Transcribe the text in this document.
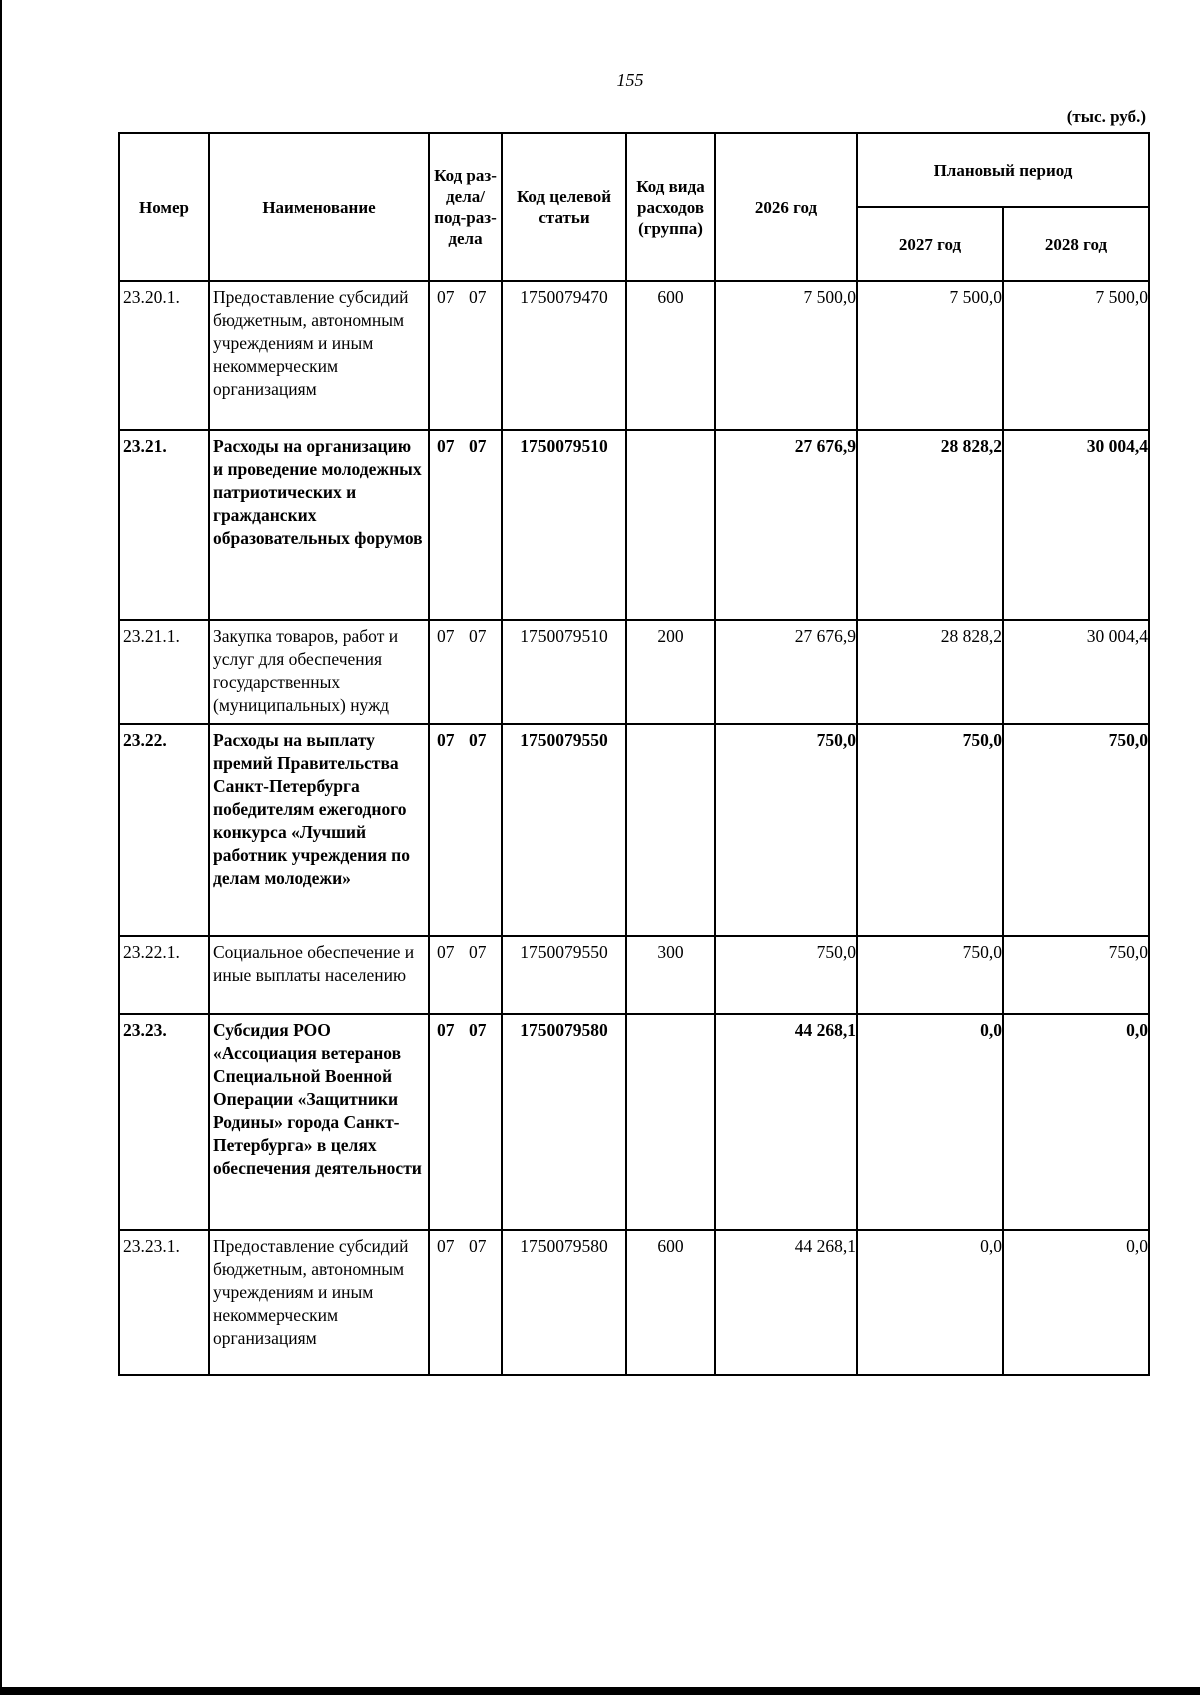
155
(тыс. руб.)
Номер	Наименование	Код раз-дела/ под-раз-дела	Код целевой статьи	Код вида расходов (группа)	2026 год	Плановый период	
						2027 год	2028 год
23.20.1.	Предоставление субсидий бюджетным, автономным учреждениям и иным некоммерческим организациям	07 07	1750079470	600	7 500,0	7 500,0	7 500,0
23.21.	Расходы на организацию и проведение молодежных патриотических и гражданских образовательных форумов	07 07	1750079510		27 676,9	28 828,2	30 004,4
23.21.1.	Закупка товаров, работ и услуг для обеспечения государственных (муниципальных) нужд	07 07	1750079510	200	27 676,9	28 828,2	30 004,4
23.22.	Расходы на выплату премий Правительства Санкт-Петербурга победителям ежегодного конкурса «Лучший работник учреждения по делам молодежи»	07 07	1750079550		750,0	750,0	750,0
23.22.1.	Социальное обеспечение и иные выплаты населению	07 07	1750079550	300	750,0	750,0	750,0
23.23.	Субсидия РОО «Ассоциация ветеранов Специальной Военной Операции «Защитники Родины» города Санкт-Петербурга» в целях обеспечения деятельности	07 07	1750079580		44 268,1	0,0	0,0
23.23.1.	Предоставление субсидий бюджетным, автономным учреждениям и иным некоммерческим организациям	07 07	1750079580	600	44 268,1	0,0	0,0
